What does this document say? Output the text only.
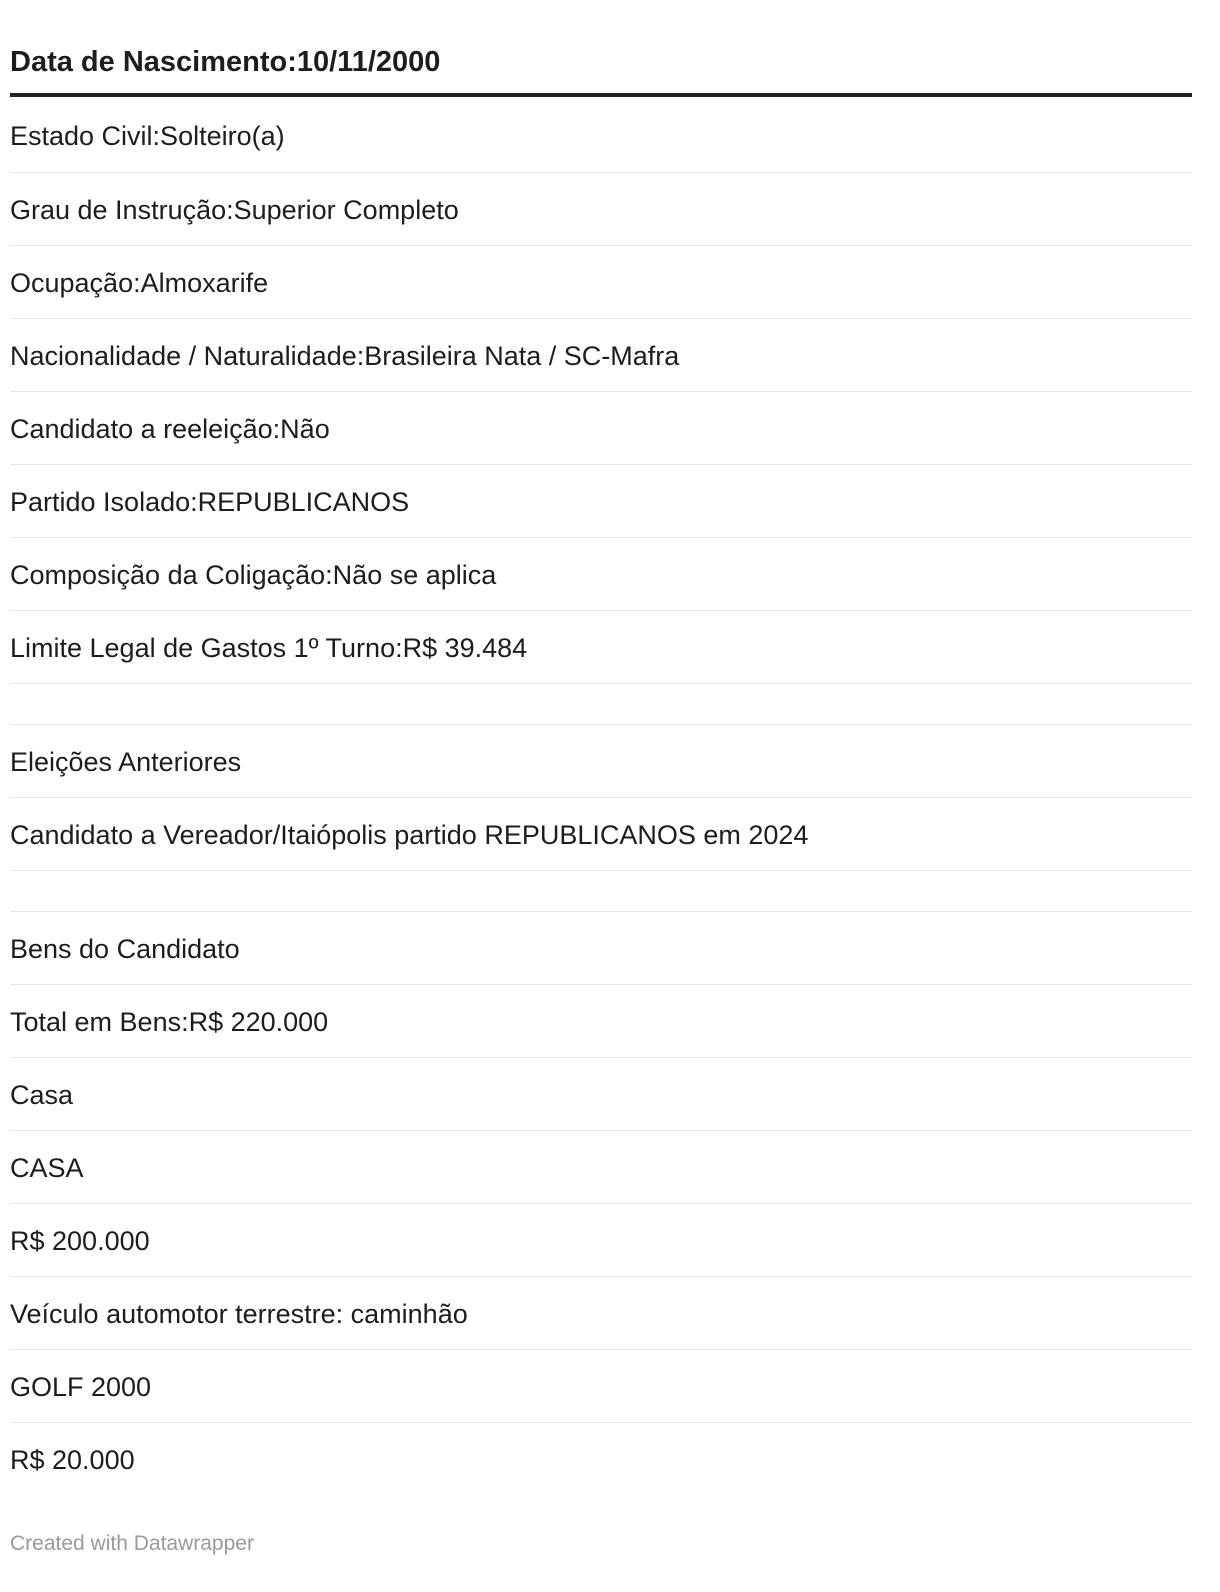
Data de Nascimento:10/11/2000
Estado Civil:Solteiro(a)
Grau de Instrução:Superior Completo
Ocupação:Almoxarife
Nacionalidade / Naturalidade:Brasileira Nata / SC-Mafra
Candidato a reeleição:Não
Partido Isolado:REPUBLICANOS
Composição da Coligação:Não se aplica
Limite Legal de Gastos 1º Turno:R$ 39.484
Eleições Anteriores
Candidato a Vereador/Itaiópolis partido REPUBLICANOS em 2024
Bens do Candidato
Total em Bens:R$ 220.000
Casa
CASA
R$ 200.000
Veículo automotor terrestre: caminhão
GOLF 2000
R$ 20.000
Created with Datawrapper
